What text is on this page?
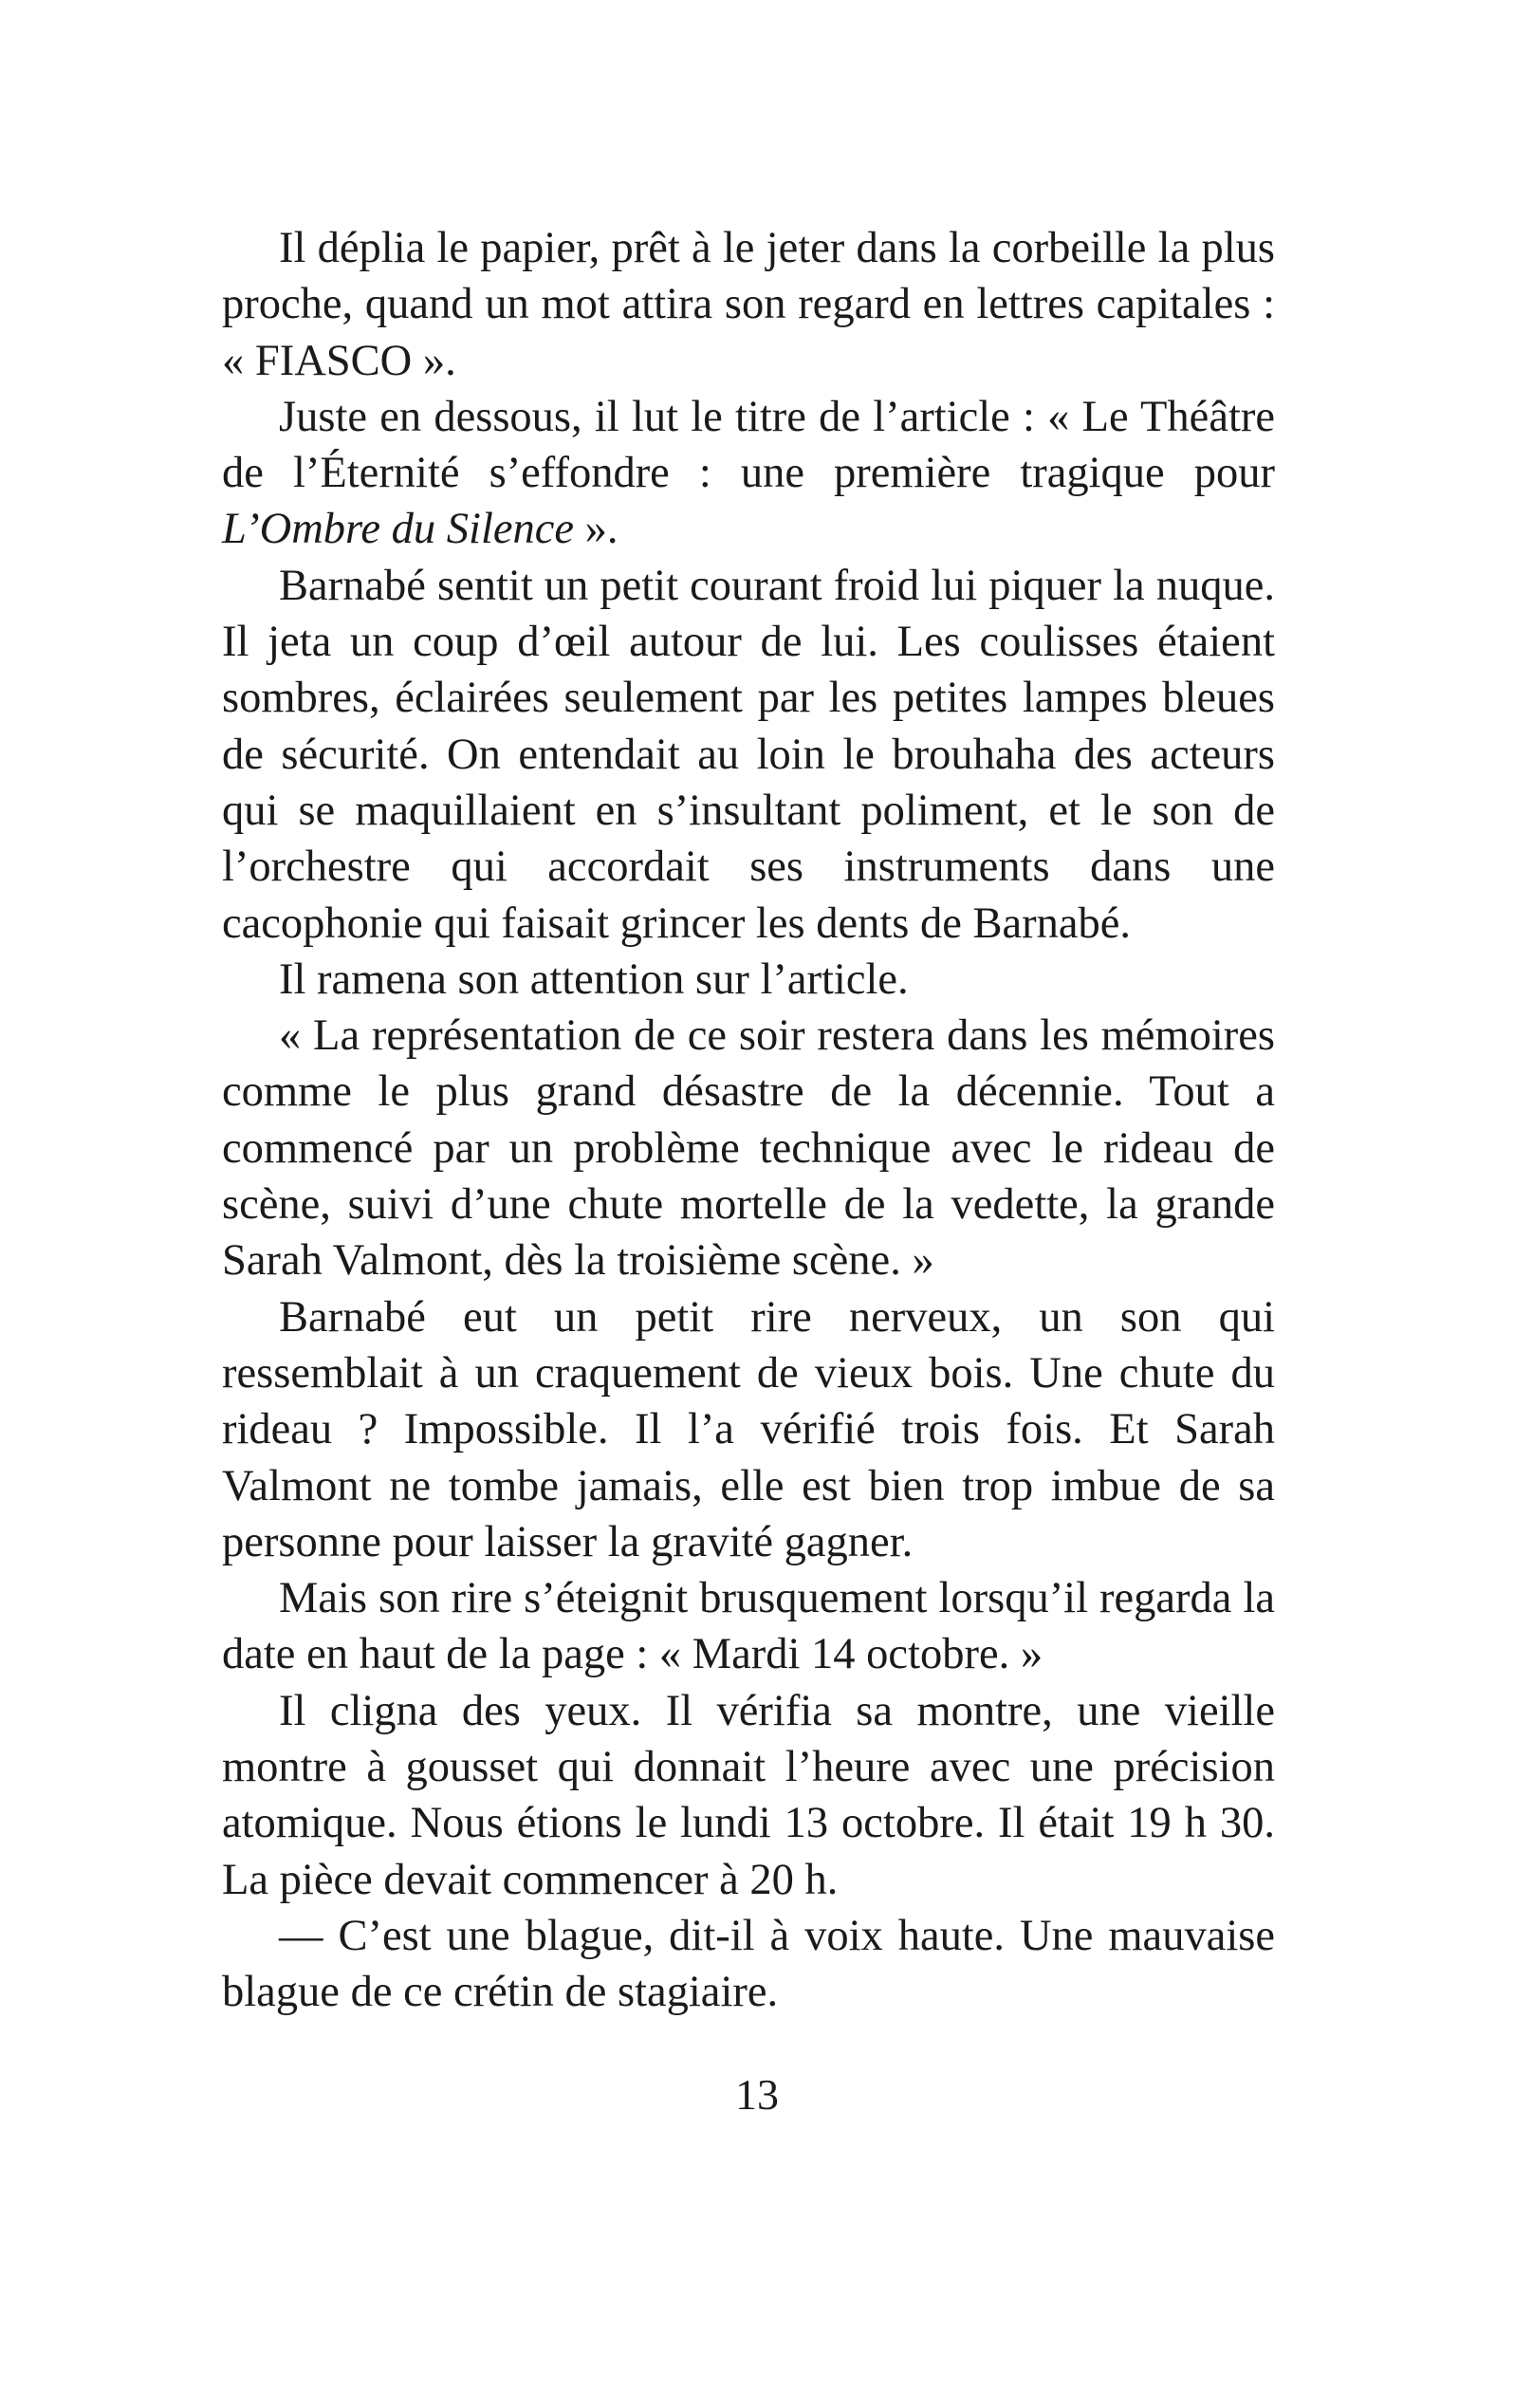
Il déplia le papier, prêt à le jeter dans la corbeille la plus proche, quand un mot attira son regard en lettres capitales : « FIASCO ».

Juste en dessous, il lut le titre de l’article : « Le Théâtre de l’Éternité s’effondre : une première tragique pour L’Ombre du Silence ».

Barnabé sentit un petit courant froid lui piquer la nuque. Il jeta un coup d’œil autour de lui. Les coulisses étaient sombres, éclairées seulement par les petites lampes bleues de sécurité. On entendait au loin le brouhaha des acteurs qui se maquillaient en s’insultant poliment, et le son de l’orchestre qui accordait ses instruments dans une cacophonie qui faisait grincer les dents de Barnabé.

Il ramena son attention sur l’article.

« La représentation de ce soir restera dans les mémoires comme le plus grand désastre de la décennie. Tout a commencé par un problème technique avec le rideau de scène, suivi d’une chute mortelle de la vedette, la grande Sarah Valmont, dès la troisième scène. »

Barnabé eut un petit rire nerveux, un son qui ressemblait à un craquement de vieux bois. Une chute du rideau ? Impossible. Il l’a vérifié trois fois. Et Sarah Valmont ne tombe jamais, elle est bien trop imbue de sa personne pour laisser la gravité gagner.

Mais son rire s’éteignit brusquement lorsqu’il regarda la date en haut de la page : « Mardi 14 octobre. »

Il cligna des yeux. Il vérifia sa montre, une vieille montre à gousset qui donnait l’heure avec une précision atomique. Nous étions le lundi 13 octobre. Il était 19 h 30. La pièce devait commencer à 20 h.

— C’est une blague, dit-il à voix haute. Une mauvaise blague de ce crétin de stagiaire.

13
